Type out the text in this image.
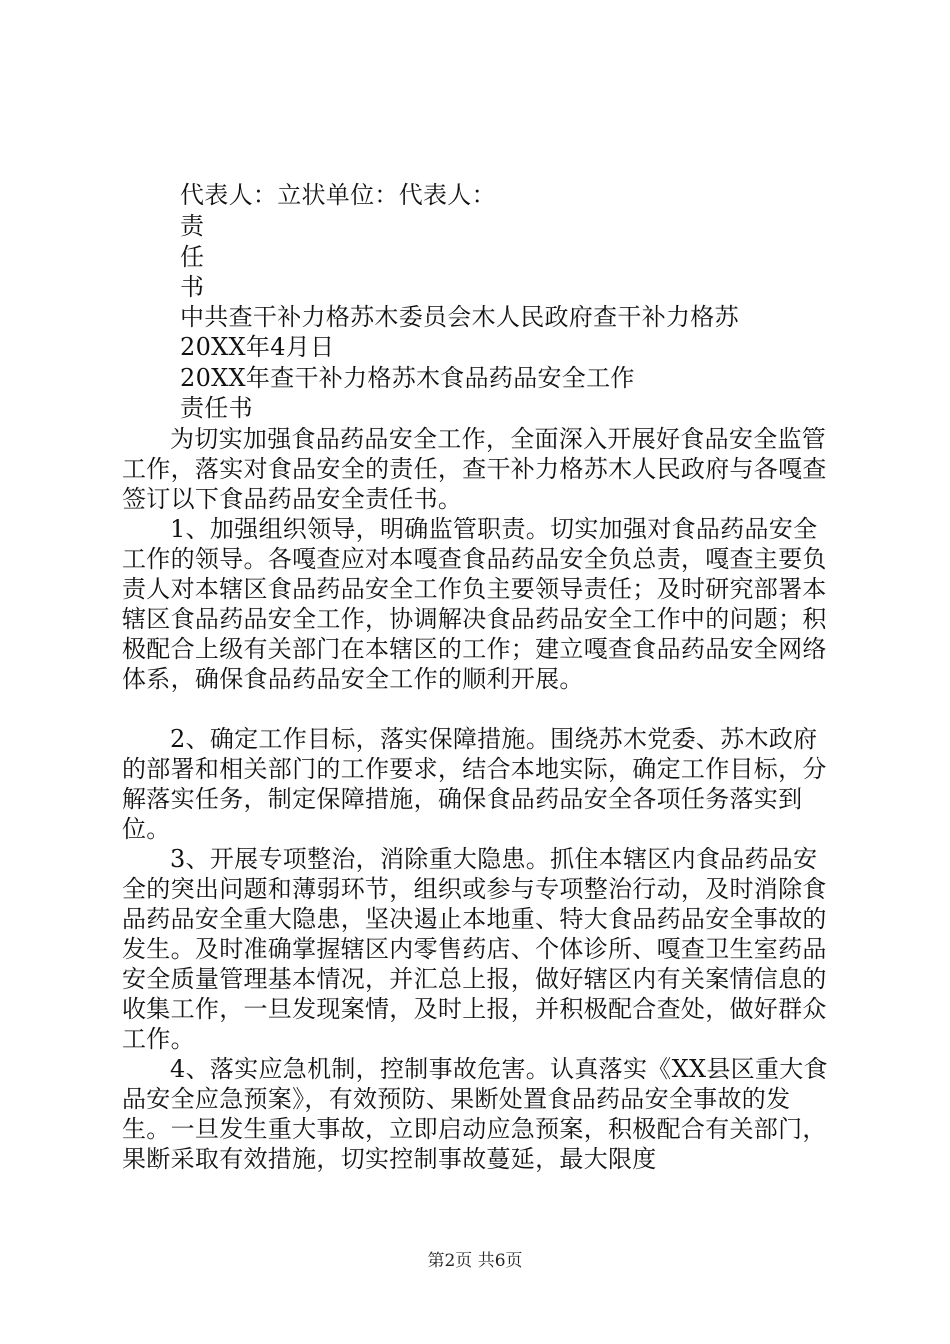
代表人：立状单位：代表人：
责
任
书
中共查干补力格苏木委员会木人民政府查干补力格苏
20XX年4月日
20XX年查干补力格苏木食品药品安全工作
责任书

为切实加强食品药品安全工作，全面深入开展好食品安全监管工作，落实对食品安全的责任，查干补力格苏木人民政府与各嘎查签订以下食品药品安全责任书。

1、加强组织领导，明确监管职责。切实加强对食品药品安全工作的领导。各嘎查应对本嘎查食品药品安全负总责，嘎查主要负责人对本辖区食品药品安全工作负主要领导责任；及时研究部署本辖区食品药品安全工作，协调解决食品药品安全工作中的问题；积极配合上级有关部门在本辖区的工作；建立嘎查食品药品安全网络体系，确保食品药品安全工作的顺利开展。

2、确定工作目标，落实保障措施。围绕苏木党委、苏木政府的部署和相关部门的工作要求，结合本地实际，确定工作目标，分解落实任务，制定保障措施，确保食品药品安全各项任务落实到位。

3、开展专项整治，消除重大隐患。抓住本辖区内食品药品安全的突出问题和薄弱环节，组织或参与专项整治行动，及时消除食品药品安全重大隐患，坚决遏止本地重、特大食品药品安全事故的发生。及时准确掌握辖区内零售药店、个体诊所、嘎查卫生室药品安全质量管理基本情况，并汇总上报，做好辖区内有关案情信息的收集工作，一旦发现案情，及时上报，并积极配合查处，做好群众工作。

4、落实应急机制，控制事故危害。认真落实《XX县区重大食品安全应急预案》，有效预防、果断处置食品药品安全事故的发生。一旦发生重大事故，立即启动应急预案，积极配合有关部门，果断采取有效措施，切实控制事故蔓延，最大限度

第2页 共6页
